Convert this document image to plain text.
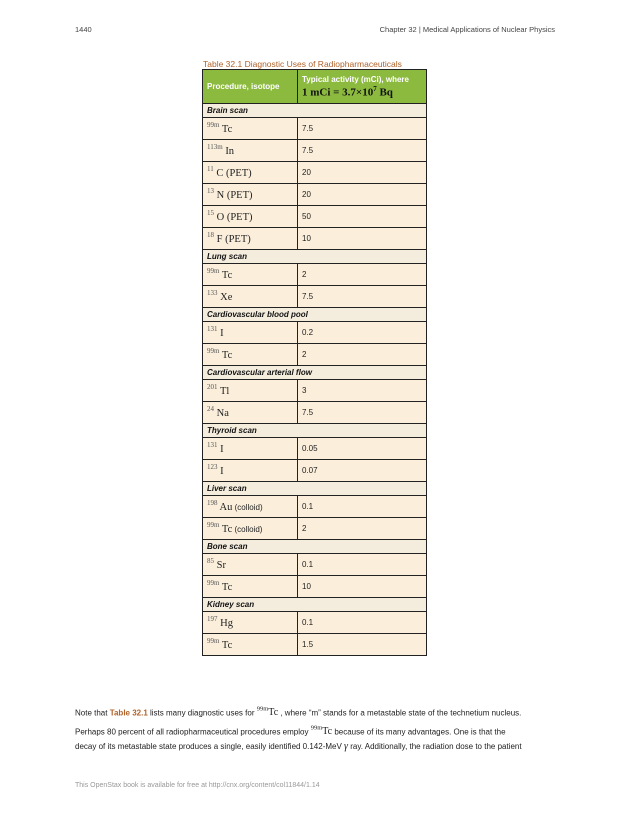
1440	Chapter 32 | Medical Applications of Nuclear Physics
Table 32.1 Diagnostic Uses of Radiopharmaceuticals
Procedure, isotope	Typical activity (mCi), where
1 mCi = $3.7\times 10^7$ Bq

Brain scan	
$^{99m}$ Tc	7.5
$^{113m}$ In	7.5
$^{11}$ C (PET)	20
$^{13}$ N (PET)	20
$^{15}$ O (PET)	50
$^{18}$ F (PET)	10
Lung scan	
$^{99m}$ Tc	2
$^{133}$ Xe	7.5
Cardiovascular blood pool	
$^{131}$ I	0.2
$^{99m}$ Tc	2
Cardiovascular arterial flow	
$^{201}$ Tl	3
$^{24}$ Na	7.5
Thyroid scan	
$^{131}$ I	0.05
$^{123}$ I	0.07
Liver scan	
$^{198}$ Au (colloid)	0.1
$^{99m}$ Tc (colloid)	2
Bone scan	
$^{85}$ Sr	0.1
$^{99m}$ Tc	10
Kidney scan	
$^{197}$ Hg	0.1
$^{99m}$ Tc	1.5
Note that Table 32.1 lists many diagnostic uses for $^{99m}$Tc , where “m” stands for a metastable state of the technetium nucleus.
Perhaps 80 percent of all radiopharmaceutical procedures employ $^{99m}$Tc because of its many advantages. One is that the
decay of its metastable state produces a single, easily identified 0.142-MeV γ ray. Additionally, the radiation dose to the patient
This OpenStax book is available for free at http://cnx.org/content/col11844/1.14
